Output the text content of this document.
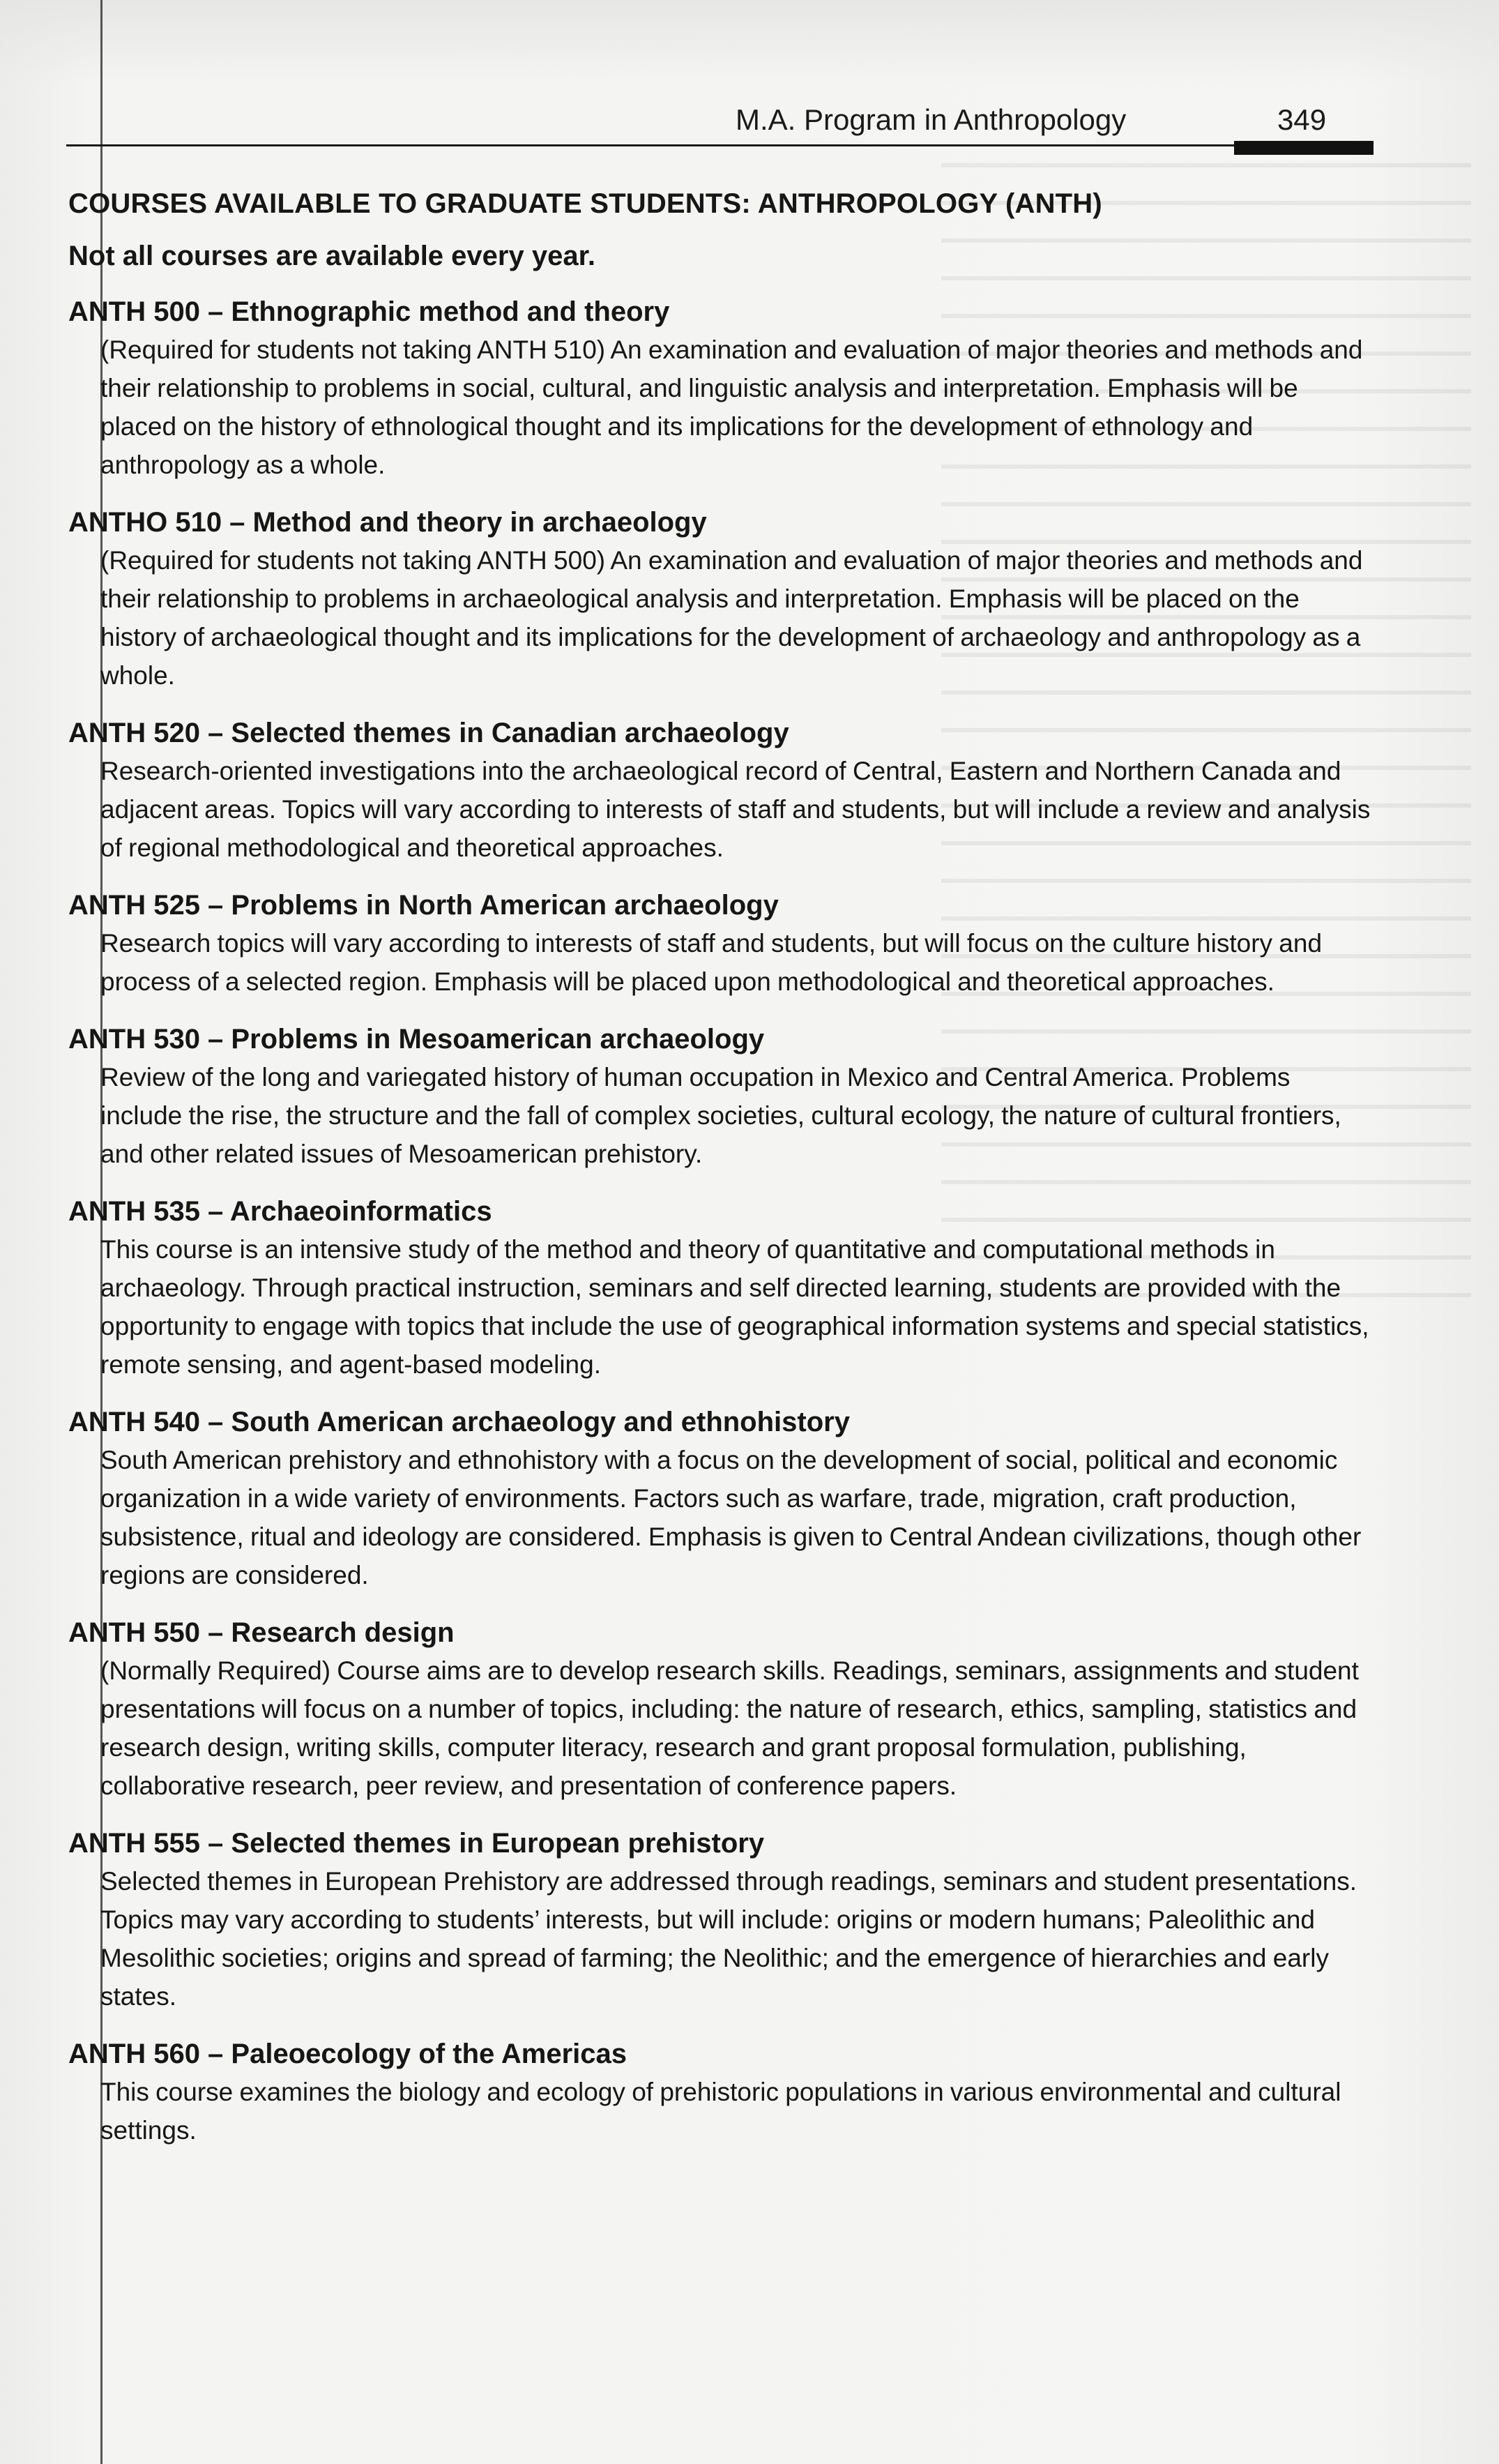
M.A. Program in Anthropology	349
COURSES AVAILABLE TO GRADUATE STUDENTS: ANTHROPOLOGY (ANTH)
Not all courses are available every year.
ANTH 500 – Ethnographic method and theory
(Required for students not taking ANTH 510) An examination and evaluation of major theories and methods and their relationship to problems in social, cultural, and linguistic analysis and interpretation. Emphasis will be placed on the history of ethnological thought and its implications for the development of ethnology and anthropology as a whole.
ANTHO 510 – Method and theory in archaeology
(Required for students not taking ANTH 500) An examination and evaluation of major theories and methods and their relationship to problems in archaeological analysis and interpretation. Emphasis will be placed on the history of archaeological thought and its implications for the development of archaeology and anthropology as a whole.
ANTH 520 – Selected themes in Canadian archaeology
Research-oriented investigations into the archaeological record of Central, Eastern and Northern Canada and adjacent areas. Topics will vary according to interests of staff and students, but will include a review and analysis of regional methodological and theoretical approaches.
ANTH 525 – Problems in North American archaeology
Research topics will vary according to interests of staff and students, but will focus on the culture history and process of a selected region. Emphasis will be placed upon methodological and theoretical approaches.
ANTH 530 – Problems in Mesoamerican archaeology
Review of the long and variegated history of human occupation in Mexico and Central America. Problems include the rise, the structure and the fall of complex societies, cultural ecology, the nature of cultural frontiers, and other related issues of Mesoamerican prehistory.
ANTH 535 – Archaeoinformatics
This course is an intensive study of the method and theory of quantitative and computational methods in archaeology. Through practical instruction, seminars and self directed learning, students are provided with the opportunity to engage with topics that include the use of geographical information systems and special statistics, remote sensing, and agent-based modeling.
ANTH 540 – South American archaeology and ethnohistory
South American prehistory and ethnohistory with a focus on the development of social, political and economic organization in a wide variety of environments. Factors such as warfare, trade, migration, craft production, subsistence, ritual and ideology are considered. Emphasis is given to Central Andean civilizations, though other regions are considered.
ANTH 550 – Research design
(Normally Required) Course aims are to develop research skills. Readings, seminars, assignments and student presentations will focus on a number of topics, including: the nature of research, ethics, sampling, statistics and research design, writing skills, computer literacy, research and grant proposal formulation, publishing, collaborative research, peer review, and presentation of conference papers.
ANTH 555 – Selected themes in European prehistory
Selected themes in European Prehistory are addressed through readings, seminars and student presentations. Topics may vary according to students’ interests, but will include: origins or modern humans; Paleolithic and Mesolithic societies; origins and spread of farming; the Neolithic; and the emergence of hierarchies and early states.
ANTH 560 – Paleoecology of the Americas
This course examines the biology and ecology of prehistoric populations in various environmental and cultural settings.
